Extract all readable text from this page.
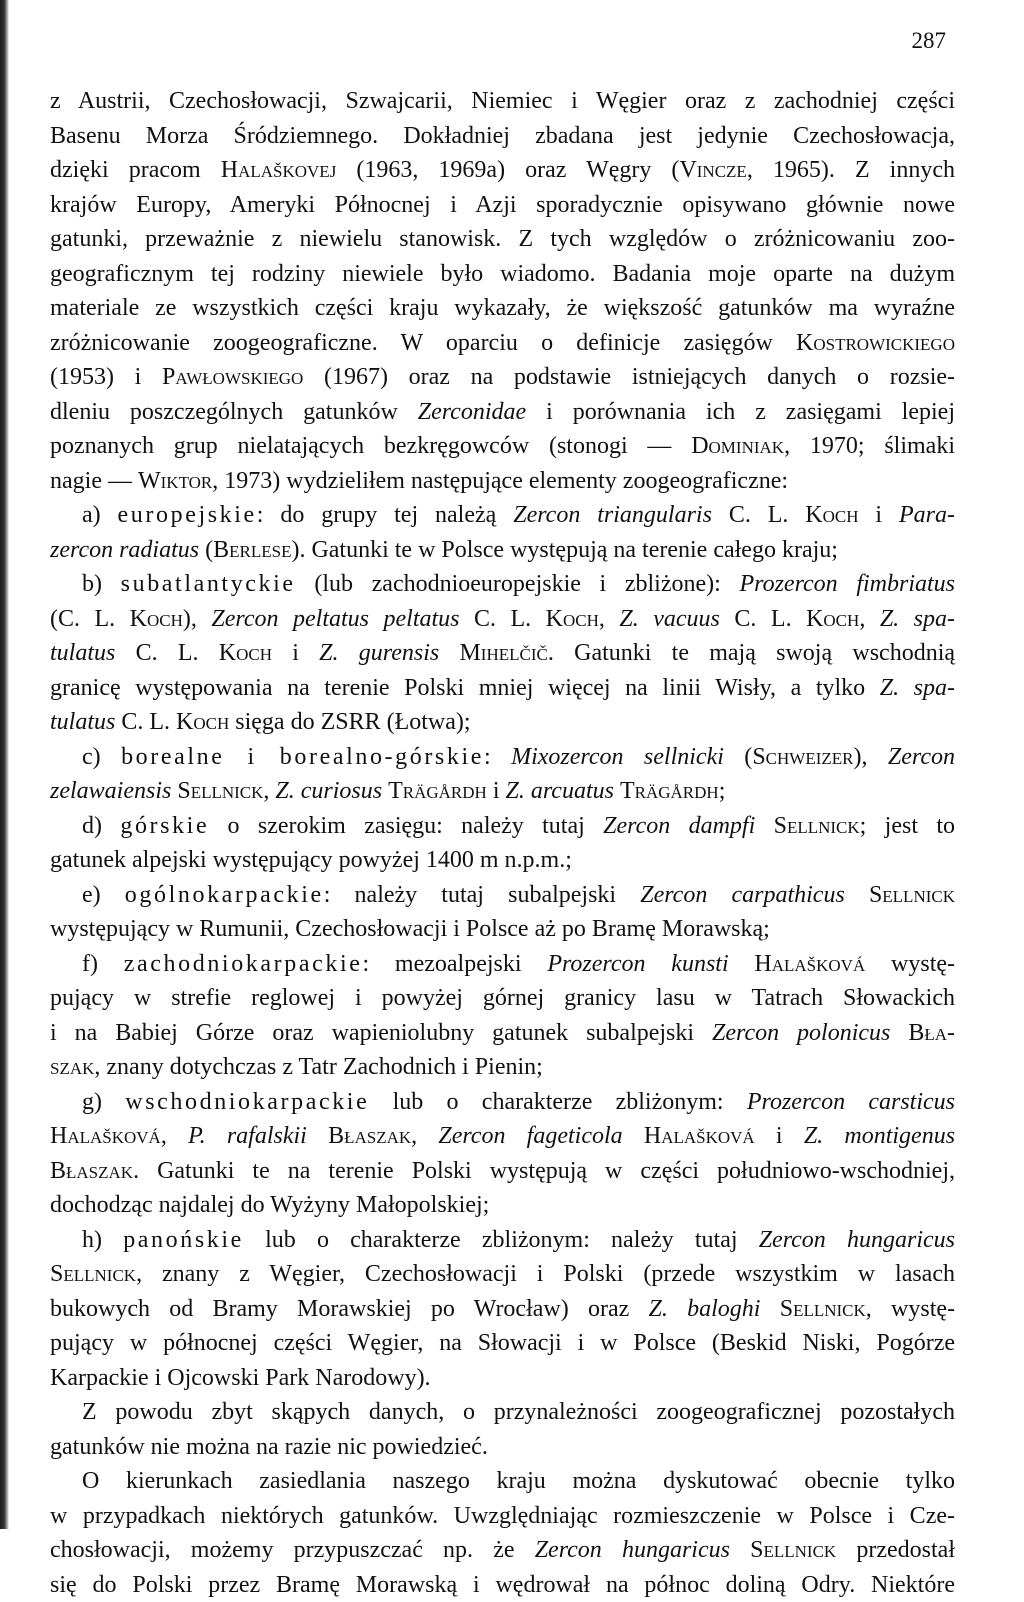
287
z Austrii, Czechosłowacji, Szwajcarii, Niemiec i Węgier oraz z zachodniej części
Basenu Morza Śródziemnego. Dokładniej zbadana jest jedynie Czechosłowacja,
dzięki pracom Halaškovej (1963, 1969a) oraz Węgry (Vincze, 1965). Z innych
krajów Europy, Ameryki Północnej i Azji sporadycznie opisywano głównie nowe
gatunki, przeważnie z niewielu stanowisk. Z tych względów o zróżnicowaniu zoo-
geograficznym tej rodziny niewiele było wiadomo. Badania moje oparte na dużym
materiale ze wszystkich części kraju wykazały, że większość gatunków ma wyraźne
zróżnicowanie zoogeograficzne. W oparciu o definicje zasięgów Kostrowickiego
(1953) i Pawłowskiego (1967) oraz na podstawie istniejących danych o rozsie-
dleniu poszczególnych gatunków Zerconidae i porównania ich z zasięgami lepiej
poznanych grup nielatających bezkręgowców (stonogi — Dominiak, 1970; ślimaki
nagie — Wiktor, 1973) wydzieliłem następujące elementy zoogeograficzne:
a) europejskie: do grupy tej należą Zercon triangularis C. L. Koch i Para-
zercon radiatus (Berlese). Gatunki te w Polsce występują na terenie całego kraju;
b) subatlantyckie (lub zachodnioeuropejskie i zbliżone): Prozercon fimbriatus
(C. L. Koch), Zercon peltatus peltatus C. L. Koch, Z. vacuus C. L. Koch, Z. spa-
tulatus C. L. Koch i Z. gurensis Mihelčič. Gatunki te mają swoją wschodnią
granicę występowania na terenie Polski mniej więcej na linii Wisły, a tylko Z. spa-
tulatus C. L. Koch sięga do ZSRR (Łotwa);
c) borealne i borealno-górskie: Mixozercon sellnicki (Schweizer), Zercon
zelawaiensis Sellnick, Z. curiosus Trägårdh i Z. arcuatus Trägårdh;
d) górskie o szerokim zasięgu: należy tutaj Zercon dampfi Sellnick; jest to
gatunek alpejski występujący powyżej 1400 m n.p.m.;
e) ogólnokarpackie: należy tutaj subalpejski Zercon carpathicus Sellnick
występujący w Rumunii, Czechosłowacji i Polsce aż po Bramę Morawską;
f) zachodniokarpackie: mezoalpejski Prozercon kunsti Halašková wystę-
pujący w strefie reglowej i powyżej górnej granicy lasu w Tatrach Słowackich
i na Babiej Górze oraz wapieniolubny gatunek subalpejski Zercon polonicus Bła-
szak, znany dotychczas z Tatr Zachodnich i Pienin;
g) wschodniokarpackie lub o charakterze zbliżonym: Prozercon carsticus
Halašková, P. rafalskii Błaszak, Zercon fageticola Halašková i Z. montigenus
Błaszak. Gatunki te na terenie Polski występują w części południowo-wschodniej,
dochodząc najdalej do Wyżyny Małopolskiej;
h) panońskie lub o charakterze zbliżonym: należy tutaj Zercon hungaricus
Sellnick, znany z Węgier, Czechosłowacji i Polski (przede wszystkim w lasach
bukowych od Bramy Morawskiej po Wrocław) oraz Z. baloghi Sellnick, wystę-
pujący w północnej części Węgier, na Słowacji i w Polsce (Beskid Niski, Pogórze
Karpackie i Ojcowski Park Narodowy).
Z powodu zbyt skąpych danych, o przynależności zoogeograficznej pozostałych
gatunków nie można na razie nic powiedzieć.
O kierunkach zasiedlania naszego kraju można dyskutować obecnie tylko
w przypadkach niektórych gatunków. Uwzględniając rozmieszczenie w Polsce i Cze-
chosłowacji, możemy przypuszczać np. że Zercon hungaricus Sellnick przedostał
się do Polski przez Bramę Morawską i wędrował na północ doliną Odry. Niektóre
